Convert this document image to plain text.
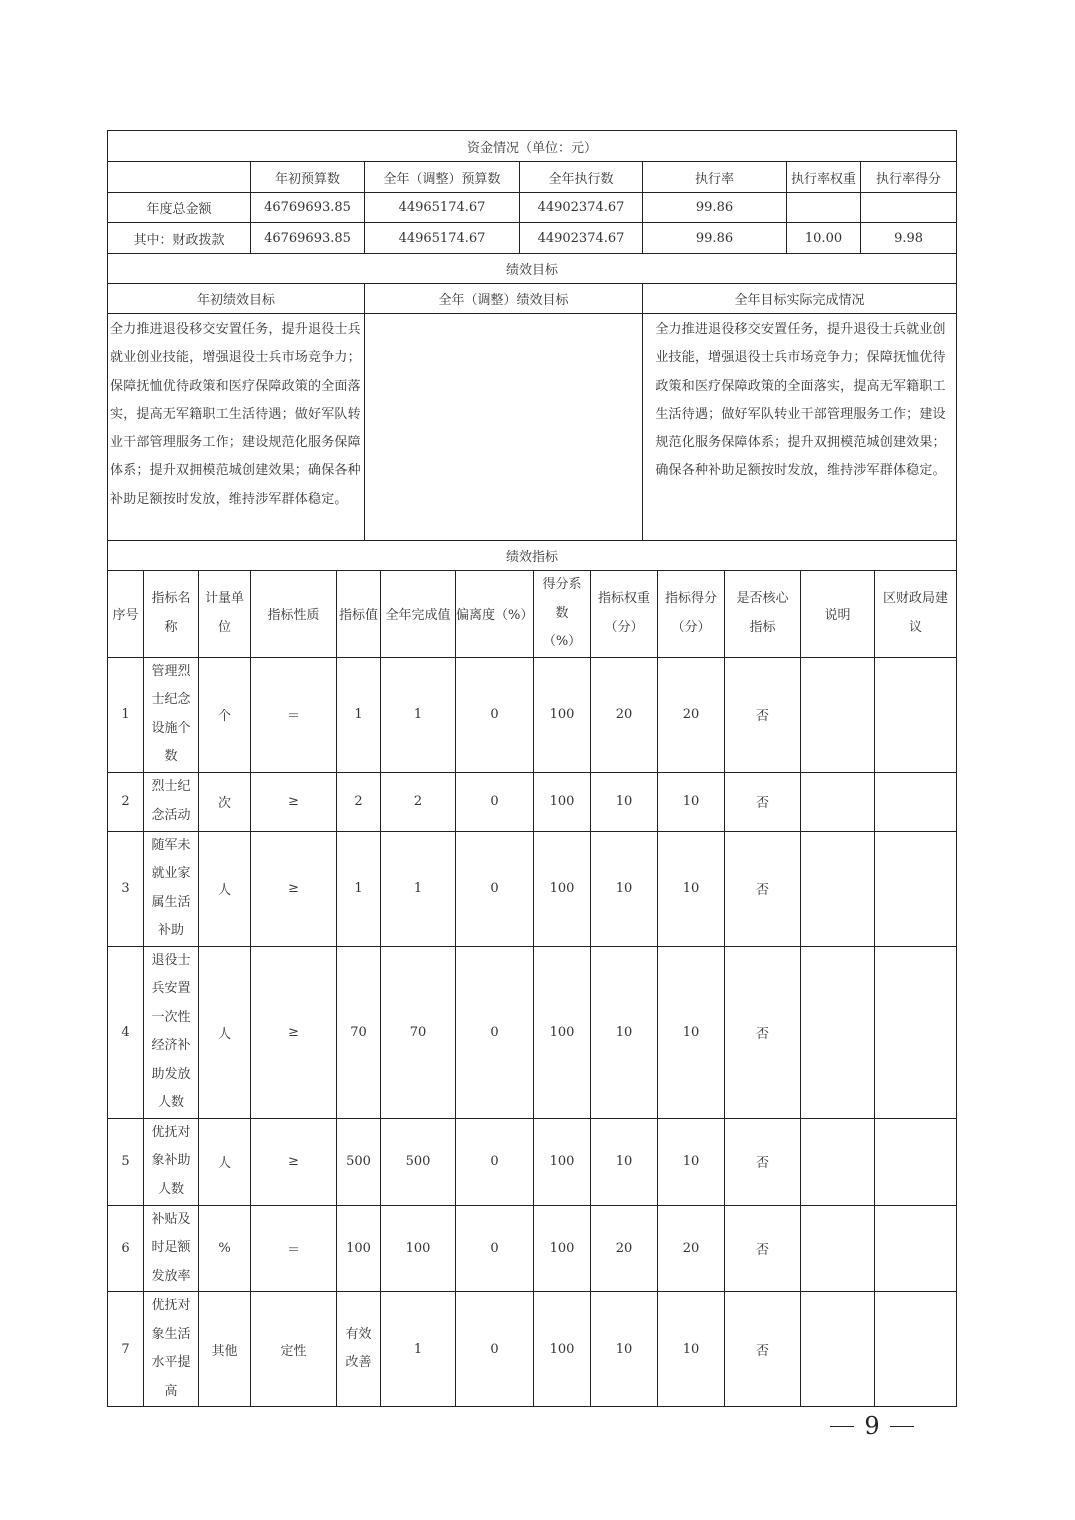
资金情况（单位：元）						
	年初预算数	全年（调整）预算数	全年执行数	执行率	执行率权重	执行率得分
年度总金额	46769693.85	44965174.67	44902374.67	99.86		
其中：财政拨款	46769693.85	44965174.67	44902374.67	99.86	10.00	9.98
绩效目标						
年初绩效目标		全年（调整）绩效目标		全年目标实际完成情况		
全力推进退役移交安置任务，提升退役士兵就业创业技能，增强退役士兵市场竞争力；保障抚恤优待政策和医疗保障政策的全面落实，提高无军籍职工生活待遇；做好军队转业干部管理服务工作；建设规范化服务保障体系；提升双拥模范城创建效果；确保各种补助足额按时发放，维持涉军群体稳定。				全力推进退役移交安置任务，提升退役士兵就业创业技能，增强退役士兵市场竞争力；保障抚恤优待政策和医疗保障政策的全面落实，提高无军籍职工生活待遇；做好军队转业干部管理服务工作；建设规范化服务保障体系；提升双拥模范城创建效果；确保各种补助足额按时发放，维持涉军群体稳定。		
绩效指标						
序号	指标名称	计量单位	指标性质	指标值	全年完成值	偏离度（%）	得分系数（%）	指标权重（分）	指标得分（分）	是否核心指标	说明	区财政局建议
1	管理烈士纪念设施个数	个	＝	1	1	0	100	20	20	否		
2	烈士纪念活动	次	≥	2	2	0	100	10	10	否		
3	随军未就业家属生活补助	人	≥	1	1	0	100	10	10	否		
4	退役士兵安置一次性经济补助发放人数	人	≥	70	70	0	100	10	10	否		
5	优抚对象补助人数	人	≥	500	500	0	100	10	10	否		
6	补贴及时足额发放率	%	＝	100	100	0	100	20	20	否		
7	优抚对象生活水平提高	其他	定性	有效改善	1	0	100	10	10	否		
9
